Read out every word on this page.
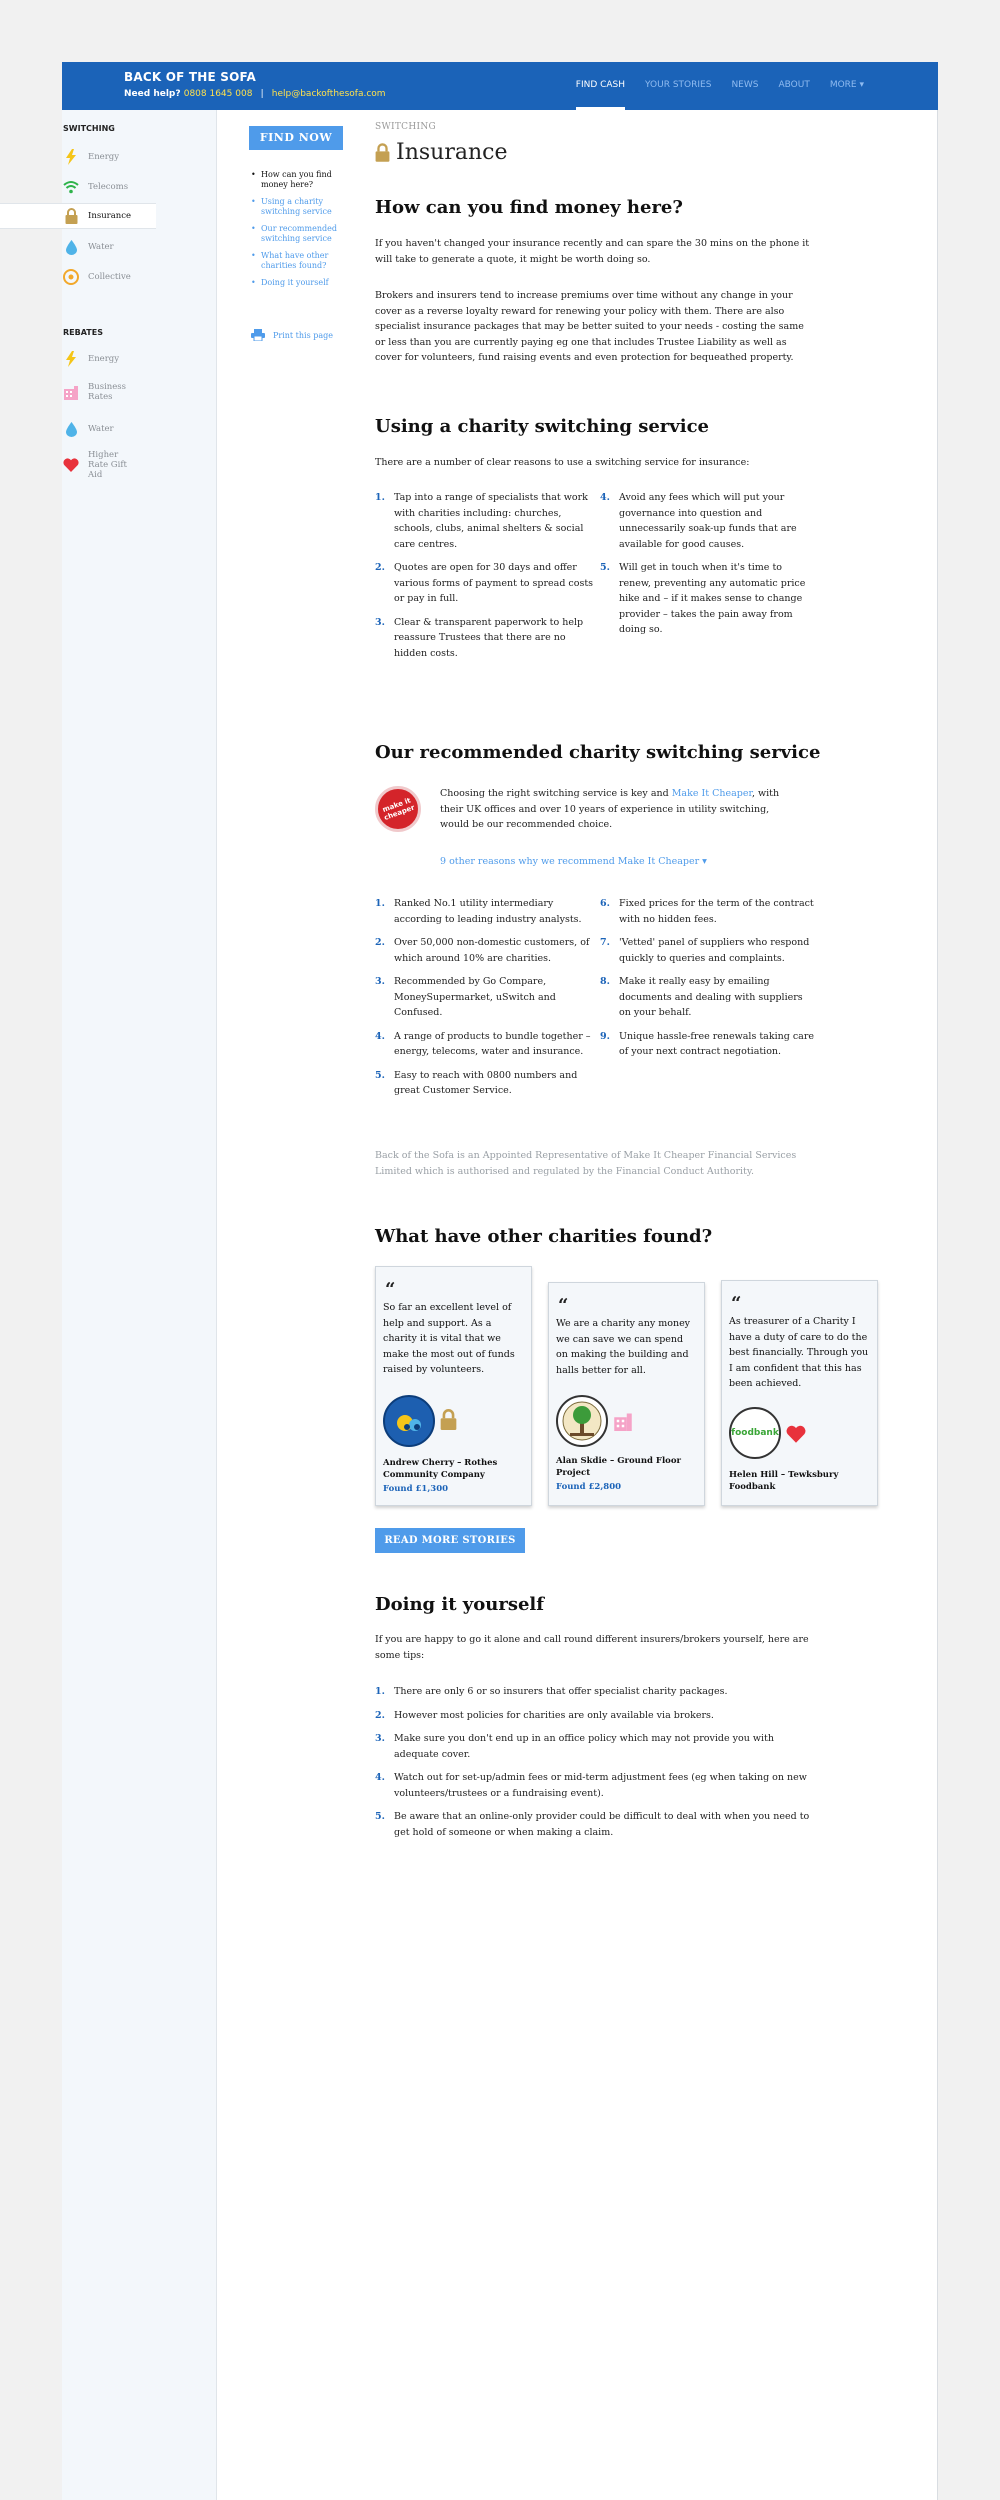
BACK OF THE SOFA
Need help? 0808 1645 008 | help@backofthesofa.com
FIND CASH	YOUR STORIES	NEWS	ABOUT	MORE ▾
SWITCHING
Energy
Telecoms
Insurance
Water
Collective
REBATES
Energy
Business Rates
Water
Higher Rate Gift Aid
FIND NOW
• How can you find money here?
• Using a charity switching service
• Our recommended switching service
• What have other charities found?
• Doing it yourself
Print this page
SWITCHING
Insurance
How can you find money here?
If you haven't changed your insurance recently and can spare the 30 mins on the phone it will take to generate a quote, it might be worth doing so.
Brokers and insurers tend to increase premiums over time without any change in your cover as a reverse loyalty reward for renewing your policy with them. There are also specialist insurance packages that may be better suited to your needs - costing the same or less than you are currently paying eg one that includes Trustee Liability as well as cover for volunteers, fund raising events and even protection for bequeathed property.
Using a charity switching service
There are a number of clear reasons to use a switching service for insurance:
1. Tap into a range of specialists that work with charities including: churches, schools, clubs, animal shelters & social care centres.
2. Quotes are open for 30 days and offer various forms of payment to spread costs or pay in full.
3. Clear & transparent paperwork to help reassure Trustees that there are no hidden costs.
4. Avoid any fees which will put your governance into question and unnecessarily soak-up funds that are available for good causes.
5. Will get in touch when it's time to renew, preventing any automatic price hike and – if it makes sense to change provider – takes the pain away from doing so.
Our recommended charity switching service
make it cheaper
Choosing the right switching service is key and Make It Cheaper, with their UK offices and over 10 years of experience in utility switching, would be our recommended choice.
9 other reasons why we recommend Make It Cheaper ▾
1. Ranked No.1 utility intermediary according to leading industry analysts.
2. Over 50,000 non-domestic customers, of which around 10% are charities.
3. Recommended by Go Compare, MoneySupermarket, uSwitch and Confused.
4. A range of products to bundle together – energy, telecoms, water and insurance.
5. Easy to reach with 0800 numbers and great Customer Service.
6. Fixed prices for the term of the contract with no hidden fees.
7. 'Vetted' panel of suppliers who respond quickly to queries and complaints.
8. Make it really easy by emailing documents and dealing with suppliers on your behalf.
9. Unique hassle-free renewals taking care of your next contract negotiation.
Back of the Sofa is an Appointed Representative of Make It Cheaper Financial Services Limited which is authorised and regulated by the Financial Conduct Authority.
What have other charities found?
“
So far an excellent level of help and support. As a charity it is vital that we make the most out of funds raised by volunteers.
Andrew Cherry – Rothes Community Company
Found £1,300
“
We are a charity any money we can save we can spend on making the building and halls better for all.
Alan Skdie – Ground Floor Project
Found £2,800
“
As treasurer of a Charity I have a duty of care to do the best financially. Through you I am confident that this has been achieved.
foodbank
Helen Hill – Tewksbury Foodbank
READ MORE STORIES
Doing it yourself
If you are happy to go it alone and call round different insurers/brokers yourself, here are some tips:
1. There are only 6 or so insurers that offer specialist charity packages.
2. However most policies for charities are only available via brokers.
3. Make sure you don't end up in an office policy which may not provide you with adequate cover.
4. Watch out for set-up/admin fees or mid-term adjustment fees (eg when taking on new volunteers/trustees or a fundraising event).
5. Be aware that an online-only provider could be difficult to deal with when you need to get hold of someone or when making a claim.
